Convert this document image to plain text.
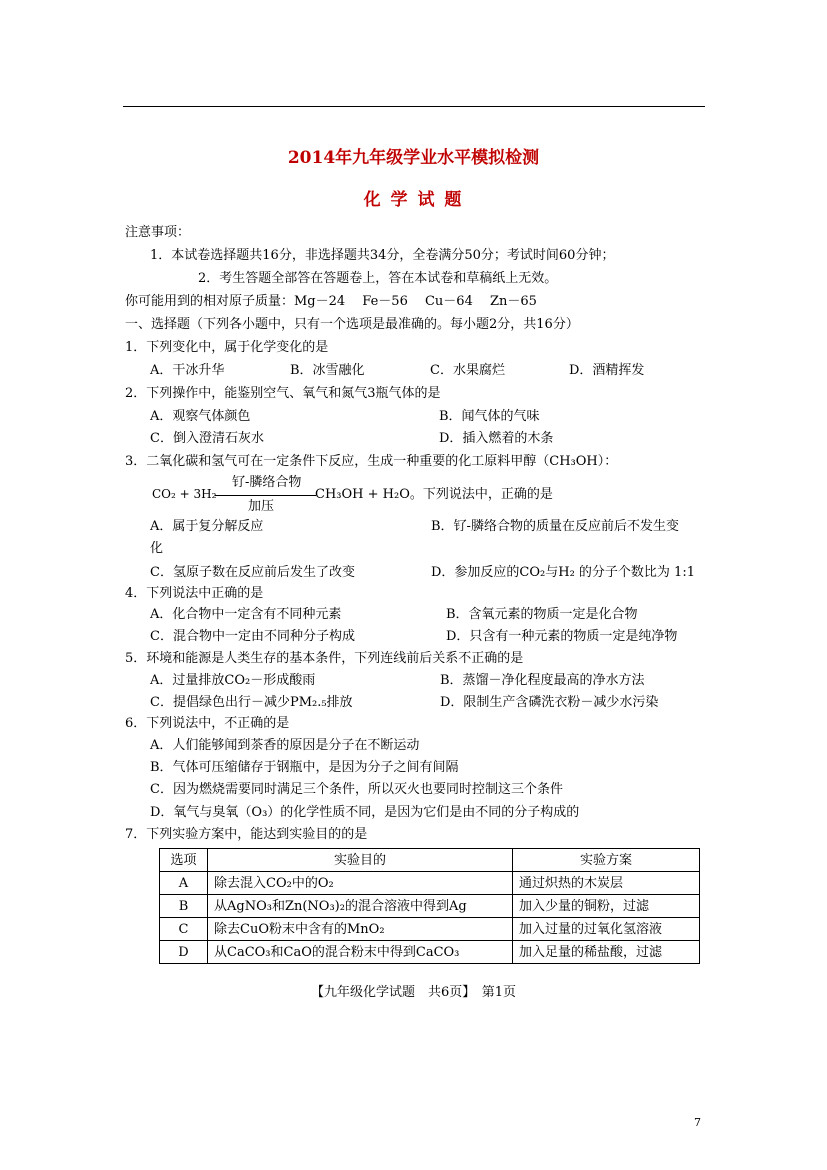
2014年九年级学业水平模拟检测
化 学 试 题
注意事项：
1．本试卷选择题共16分，非选择题共34分，全卷满分50分；考试时间60分钟；
2．考生答题全部答在答题卷上，答在本试卷和草稿纸上无效。
你可能用到的相对原子质量：Mg－24　 Fe－56　 Cu－64　 Zn－65
一、选择题（下列各小题中，只有一个选项是最准确的。每小题2分，共16分）
1．下列变化中，属于化学变化的是
A．干冰升华	B．冰雪融化	C．水果腐烂	D．酒精挥发
2．下列操作中，能鉴别空气、氧气和氮气3瓶气体的是
A．观察气体颜色	B．闻气体的气味
C．倒入澄清石灰水	D．插入燃着的木条
3．二氧化碳和氢气可在一定条件下反应，生成一种重要的化工原料甲醇（CH₃OH）：
钌-膦络合物
CO₂ + 3H₂	CH₃OH + H₂O。下列说法中，正确的是
加压
A．属于复分解反应	B．钌-膦络合物的质量在反应前后不发生变
化
C．氢原子数在反应前后发生了改变	D．参加反应的CO₂与H₂ 的分子个数比为 1:1
4．下列说法中正确的是
A．化合物中一定含有不同种元素	B．含氧元素的物质一定是化合物
C．混合物中一定由不同种分子构成	D．只含有一种元素的物质一定是纯净物
5．环境和能源是人类生存的基本条件，下列连线前后关系不正确的是
A．过量排放CO₂－形成酸雨	B．蒸馏－净化程度最高的净水方法
C．提倡绿色出行－减少PM₂.₅排放	D．限制生产含磷洗衣粉－减少水污染
6．下列说法中，不正确的是
A．人们能够闻到茶香的原因是分子在不断运动
B．气体可压缩储存于钢瓶中，是因为分子之间有间隔
C．因为燃烧需要同时满足三个条件，所以灭火也要同时控制这三个条件
D．氧气与臭氧（O₃）的化学性质不同，是因为它们是由不同的分子构成的
7．下列实验方案中，能达到实验目的的是
选项	实验目的	实验方案
A	除去混入CO₂中的O₂	通过炽热的木炭层
B	从AgNO₃和Zn(NO₃)₂的混合溶液中得到Ag	加入少量的铜粉，过滤
C	除去CuO粉末中含有的MnO₂	加入过量的过氧化氢溶液
D	从CaCO₃和CaO的混合粉末中得到CaCO₃	加入足量的稀盐酸，过滤
【九年级化学试题　共6页】　第1页
7
